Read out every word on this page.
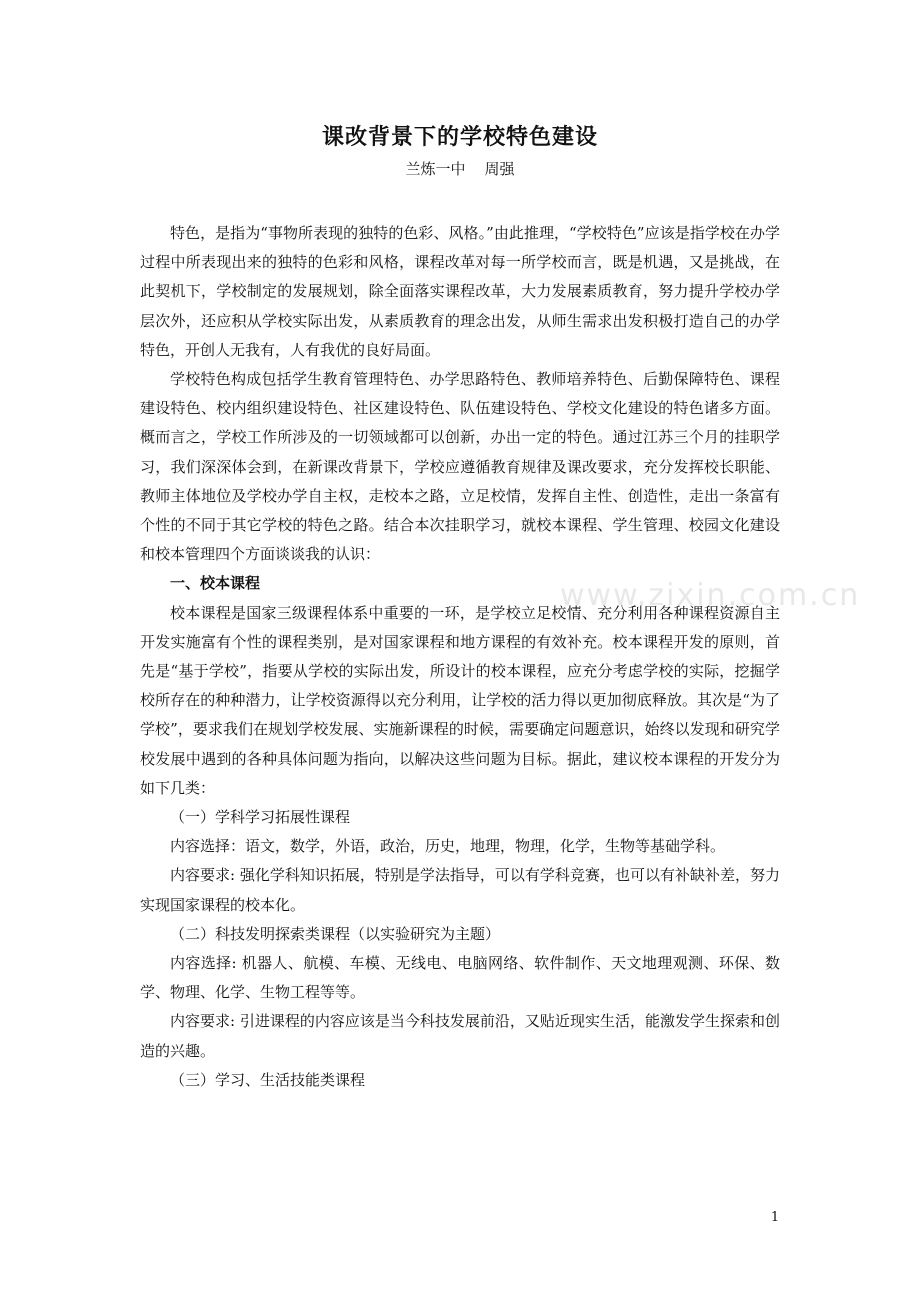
课改背景下的学校特色建设
兰炼一中    周强
www.zixin.com.cn

特色，是指为“事物所表现的独特的色彩、风格。”由此推理，“学校特色”应该是指学校在办学过程中所表现出来的独特的色彩和风格，课程改革对每一所学校而言，既是机遇，又是挑战，在此契机下，学校制定的发展规划，除全面落实课程改革，大力发展素质教育，努力提升学校办学层次外，还应积从学校实际出发，从素质教育的理念出发，从师生需求出发积极打造自己的办学特色，开创人无我有，人有我优的良好局面。

学校特色构成包括学生教育管理特色、办学思路特色、教师培养特色、后勤保障特色、课程建设特色、校内组织建设特色、社区建设特色、队伍建设特色、学校文化建设的特色诸多方面。概而言之，学校工作所涉及的一切领域都可以创新，办出一定的特色。通过江苏三个月的挂职学习，我们深深体会到，在新课改背景下，学校应遵循教育规律及课改要求，充分发挥校长职能、教师主体地位及学校办学自主权，走校本之路，立足校情，发挥自主性、创造性，走出一条富有个性的不同于其它学校的特色之路。结合本次挂职学习，就校本课程、学生管理、校园文化建设和校本管理四个方面谈谈我的认识：

一、校本课程

校本课程是国家三级课程体系中重要的一环，是学校立足校情、充分利用各种课程资源自主开发实施富有个性的课程类别，是对国家课程和地方课程的有效补充。校本课程开发的原则，首先是“基于学校”，指要从学校的实际出发，所设计的校本课程，应充分考虑学校的实际，挖掘学校所存在的种种潜力，让学校资源得以充分利用，让学校的活力得以更加彻底释放。其次是“为了学校”，要求我们在规划学校发展、实施新课程的时候，需要确定问题意识，始终以发现和研究学校发展中遇到的各种具体问题为指向，以解决这些问题为目标。据此，建议校本课程的开发分为如下几类：

（一）学科学习拓展性课程

内容选择：语文，数学，外语，政治，历史，地理，物理，化学，生物等基础学科。

内容要求: 强化学科知识拓展，特别是学法指导，可以有学科竞赛，也可以有补缺补差，努力实现国家课程的校本化。

（二）科技发明探索类课程（以实验研究为主题）

内容选择: 机器人、航模、车模、无线电、电脑网络、软件制作、天文地理观测、环保、数学、物理、化学、生物工程等等。

内容要求: 引进课程的内容应该是当今科技发展前沿，又贴近现实生活，能激发学生探索和创造的兴趣。

（三）学习、生活技能类课程

1
